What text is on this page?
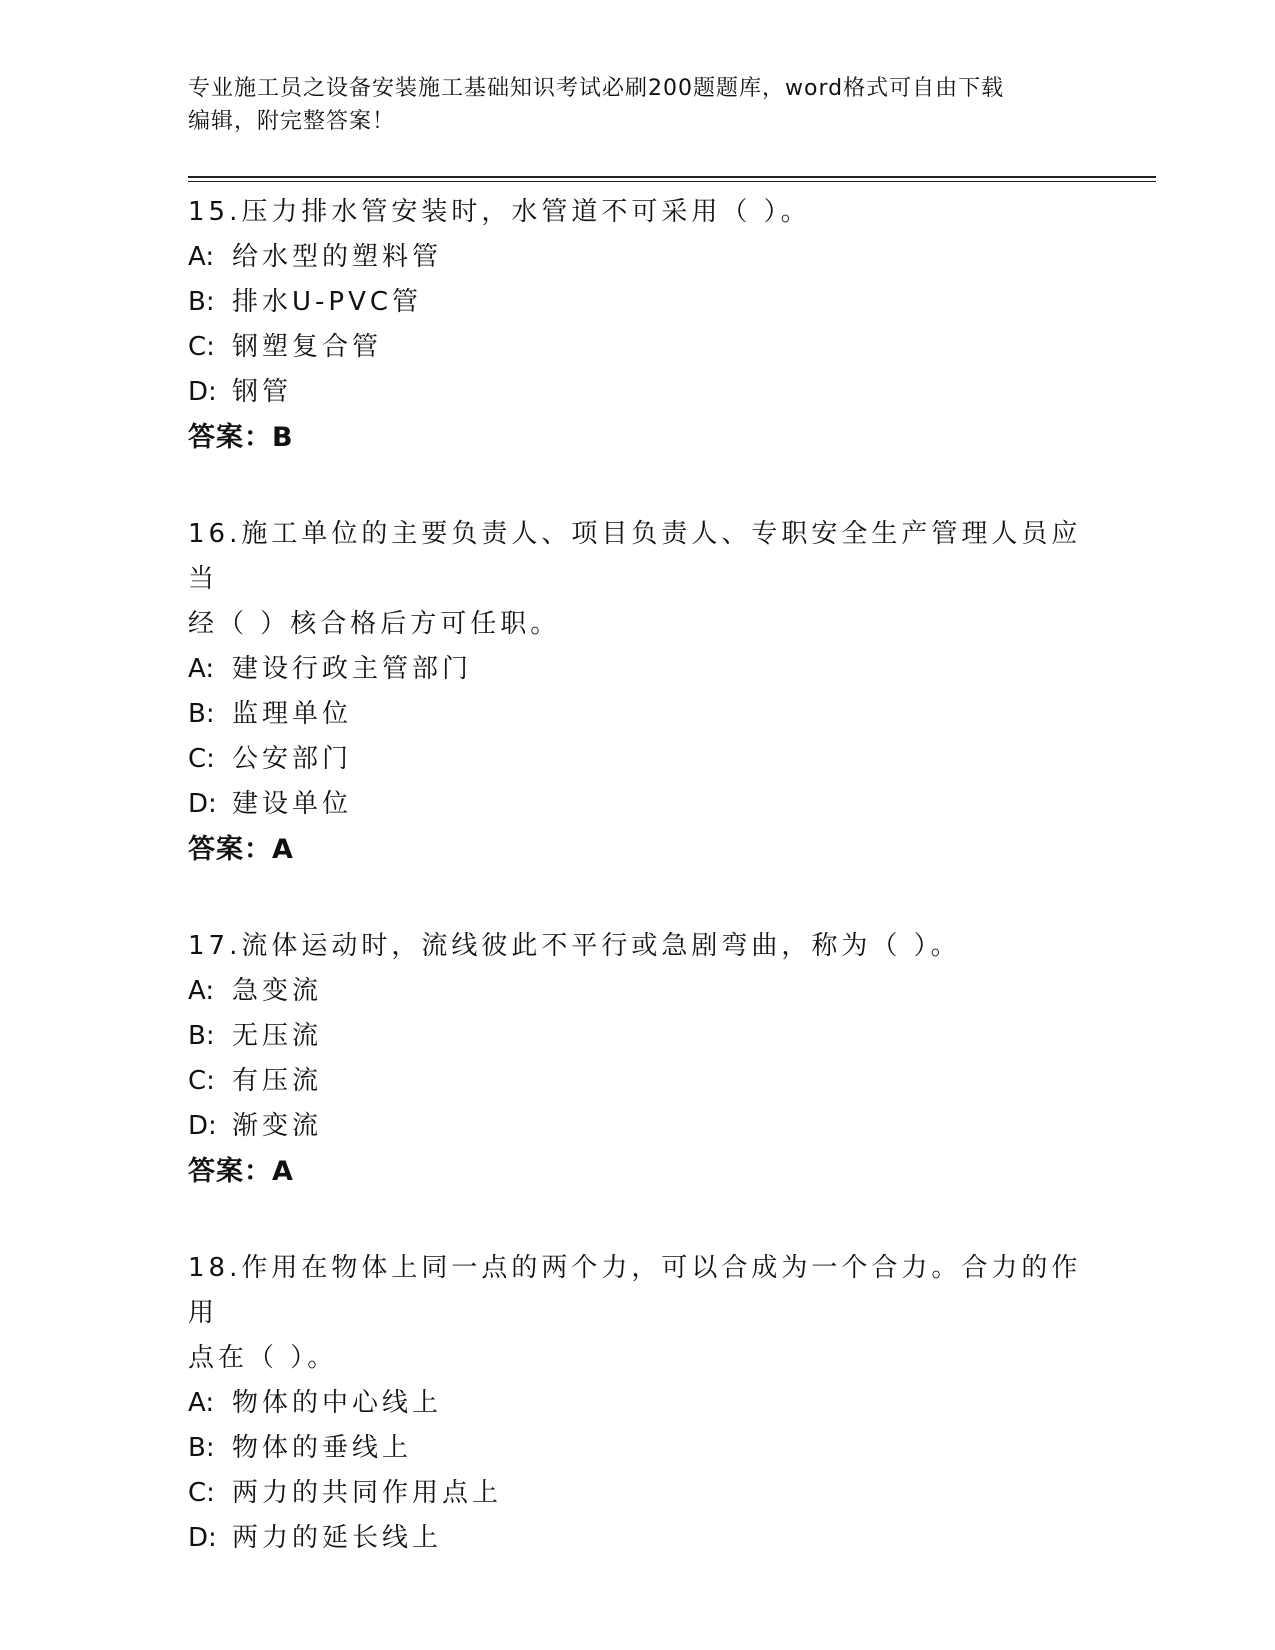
专业施工员之设备安装施工基础知识考试必刷200题题库，word格式可自由下载
编辑，附完整答案！

15.压力排水管安装时，水管道不可采用（ ）。

A: 给水型的塑料管

B: 排水U-PVC管

C: 钢塑复合管

D: 钢管

答案：B

16.施工单位的主要负责人、项目负责人、专职安全生产管理人员应当

经（ ）核合格后方可任职。

A: 建设行政主管部门

B: 监理单位

C: 公安部门

D: 建设单位

答案：A

17.流体运动时，流线彼此不平行或急剧弯曲，称为（ ）。

A: 急变流

B: 无压流

C: 有压流

D: 渐变流

答案：A

18.作用在物体上同一点的两个力，可以合成为一个合力。合力的作用

点在（ ）。

A: 物体的中心线上

B: 物体的垂线上

C: 两力的共同作用点上

D: 两力的延长线上
